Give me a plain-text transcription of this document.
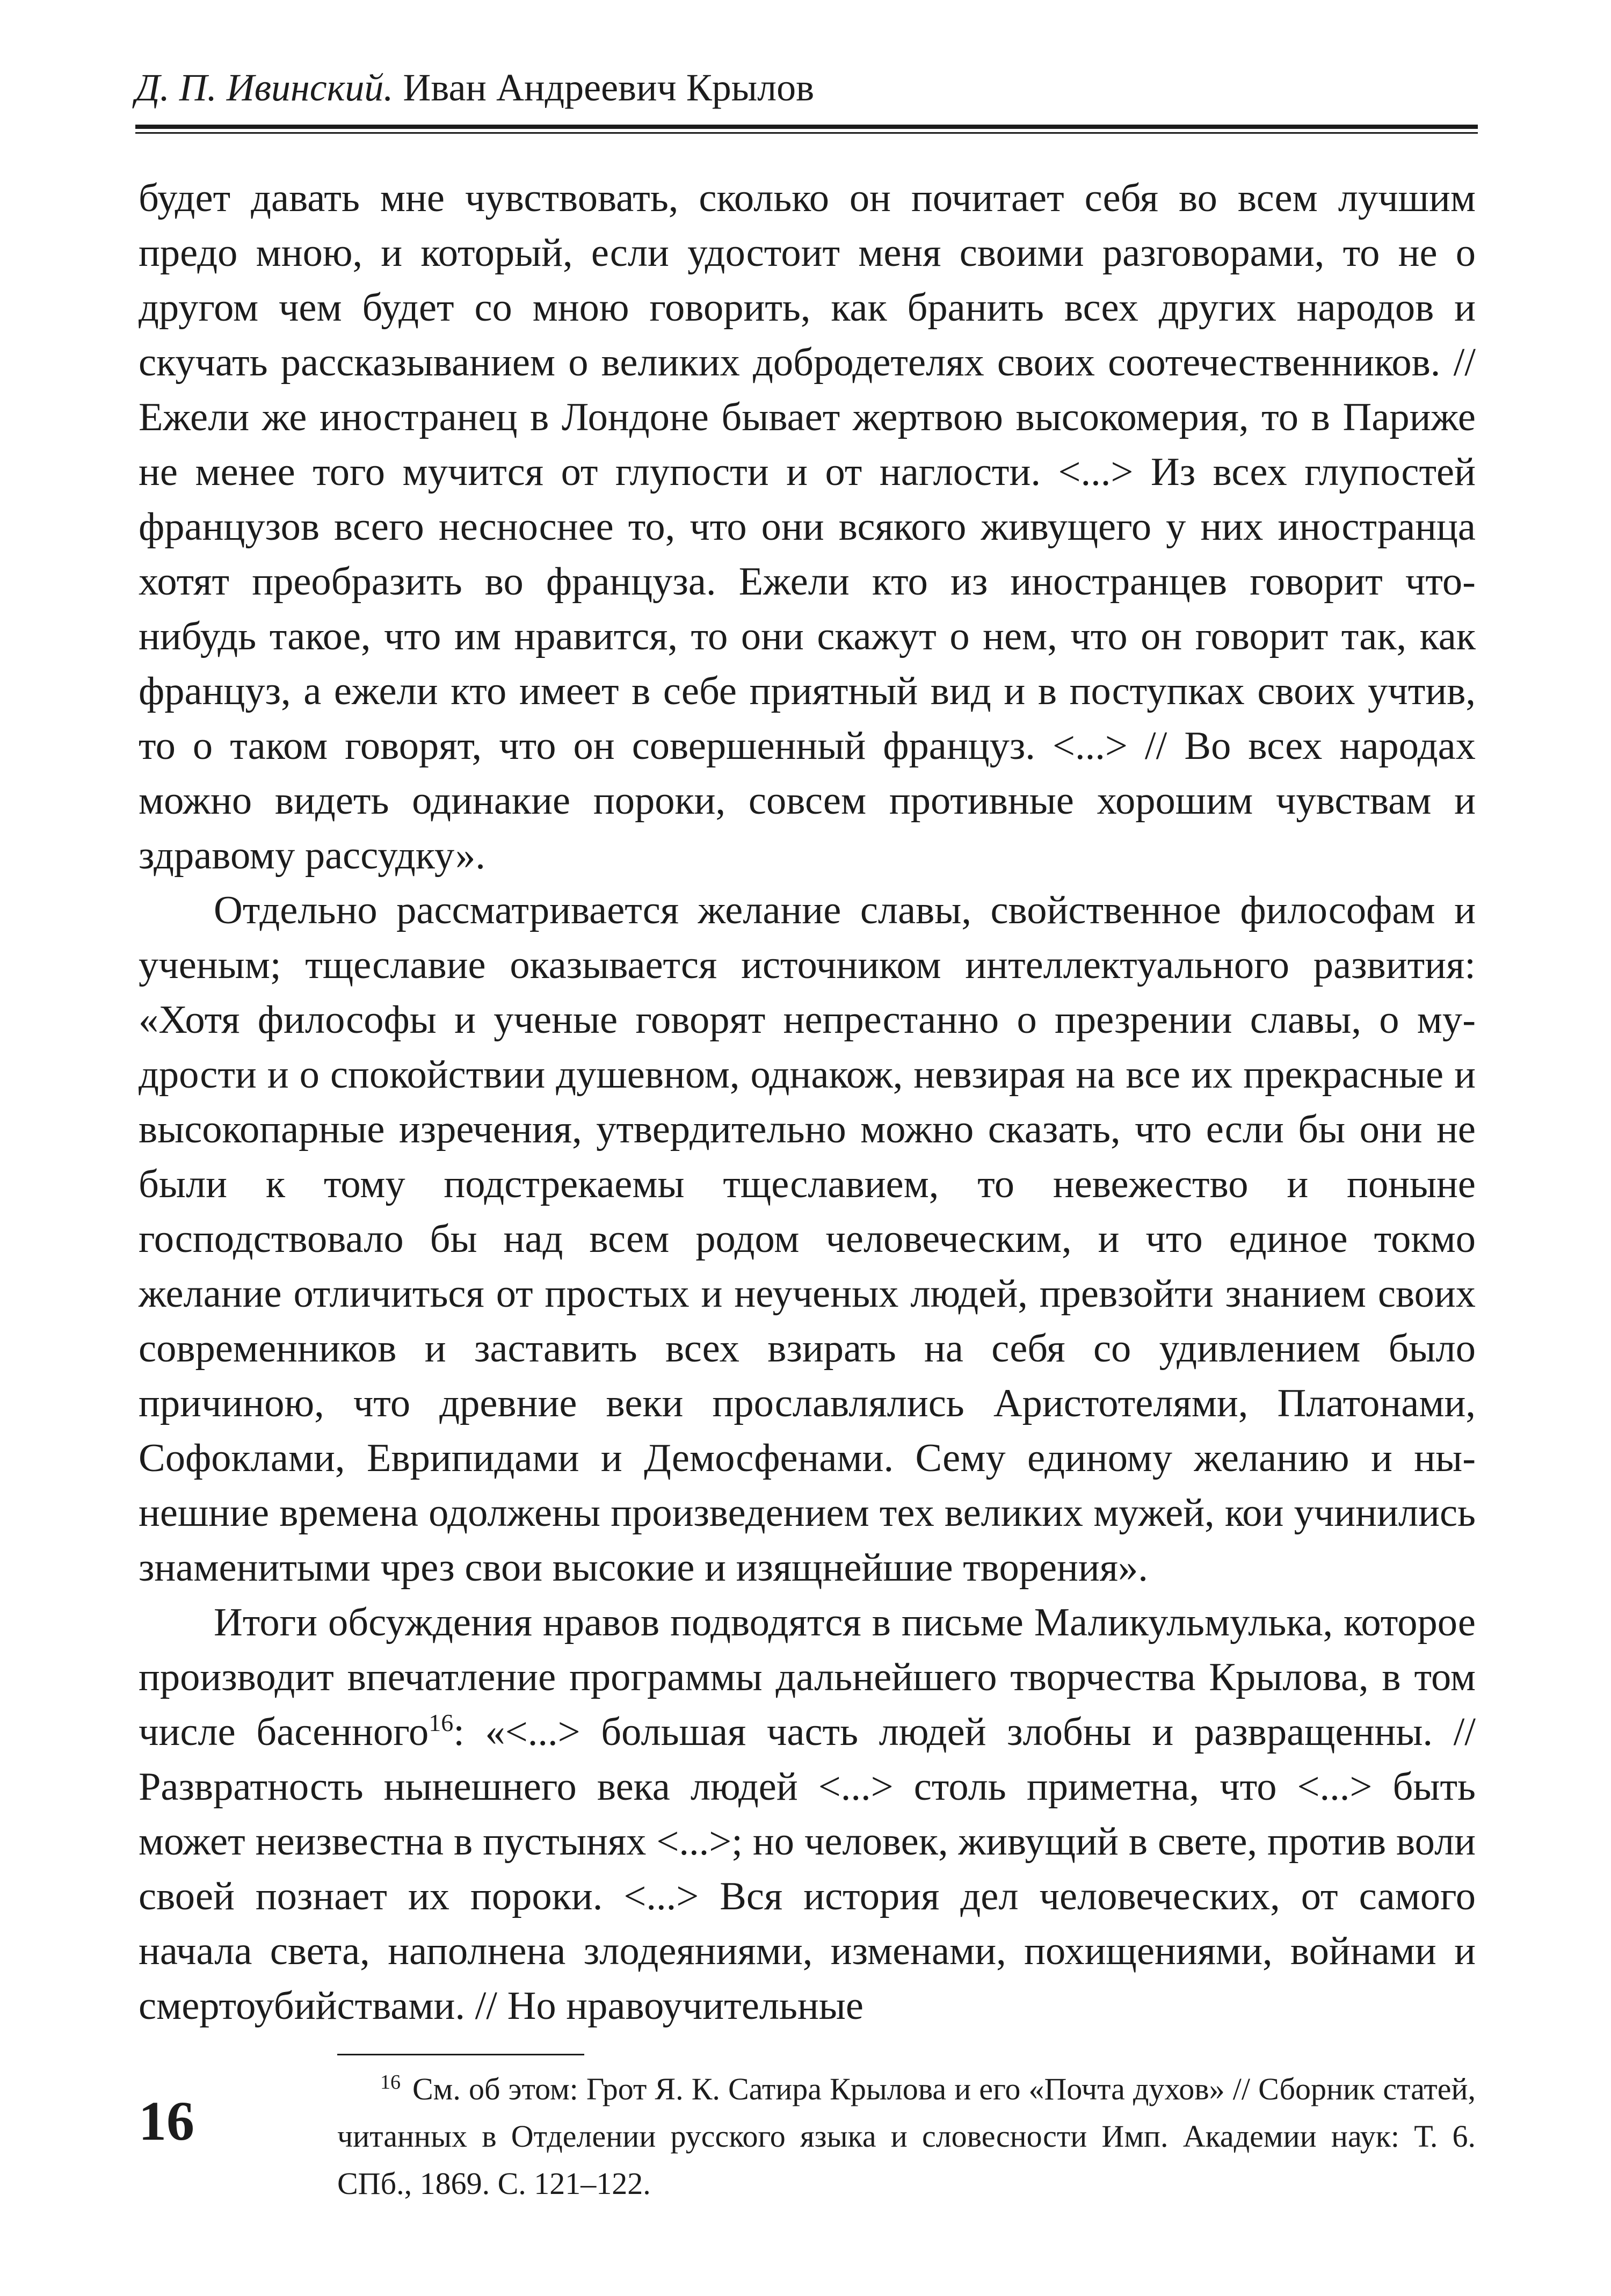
Д. П. Ивинский. Иван Андреевич Крылов

будет давать мне чувствовать, сколько он почитает себя во всем лучшим предо мною, и который, если удостоит меня своими разговорами, то не о другом чем будет со мною говорить, как бранить всех других народов и скучать рассказыванием о великих добродетелях своих соотечественников. // Ежели же иностранец в Лондоне бывает жертвою высокомерия, то в Париже не менее того мучится от глупости и от наглости. <...> Из всех глупостей французов всего несноснее то, что они всякого живущего у них иностранца хотят преобразить во француза. Ежели кто из иностранцев говорит что-нибудь такое, что им нравится, то они скажут о нем, что он говорит так, как француз, а ежели кто имеет в себе приятный вид и в поступках своих учтив, то о таком говорят, что он совершенный француз. <...> // Во всех народах можно видеть одинакие пороки, совсем противные хорошим чувствам и здравому рассудку».

Отдельно рассматривается желание славы, свойственное философам и ученым; тщеславие оказывается источником интеллектуального развития: «Хотя философы и ученые говорят непрестанно о презрении славы, о мудрости и о спокойствии душевном, однакож, невзирая на все их прекрасные и высокопарные изречения, утвердительно можно сказать, что если бы они не были к тому подстрекаемы тщеславием, то невежество и поныне господствовало бы над всем родом человеческим, и что единое токмо желание отличиться от простых и неученых людей, превзойти знанием своих современников и заставить всех взирать на себя со удивлением было причиною, что древние веки прославлялись Аристотелями, Платонами, Софоклами, Еврипидами и Демосфенами. Сему единому желанию и нынешние времена одолжены произведением тех великих мужей, кои учинились знаменитыми чрез свои высокие и изящнейшие творения».

Итоги обсуждения нравов подводятся в письме Маликульмулька, которое производит впечатление программы дальнейшего творчества Крылова, в том числе басенного$^{16}$: «<...> большая часть людей злобны и развращенны. // Развратность нынешнего века людей <...> столь приметна, что <...> быть может неизвестна в пустынях <...>; но человек, живущий в свете, против воли своей познает их пороки. <...> Вся история дел человеческих, от самого начала света, наполнена злодеяниями, изменами, похищениями, войнами и смертоубийствами. // Но нравоучительные

$^{16}$ См. об этом: Грот Я. К. Сатира Крылова и его «Почта духов» // Сборник статей, читанных в Отделении русского языка и словесности Имп. Академии наук: Т. 6. СПб., 1869. С. 121–122.
16
